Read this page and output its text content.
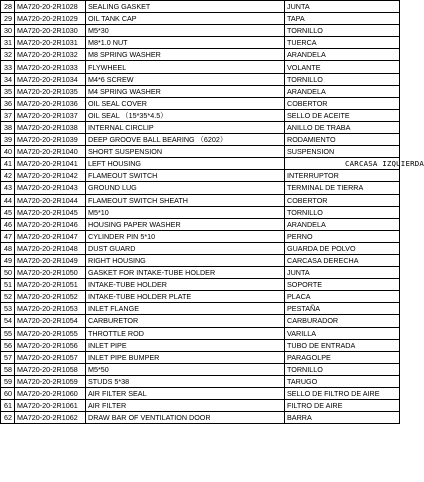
28	MA720-20-2R1028	SEALING GASKET	JUNTA
29	MA720-20-2R1029	OIL TANK CAP	TAPA
30	MA720-20-2R1030	M5*30	TORNILLO
31	MA720-20-2R1031	M8*1.0 NUT	TUERCA
32	MA720-20-2R1032	M8 SPRING WASHER	ARANDELA
33	MA720-20-2R1033	FLYWHEEL	VOLANTE
34	MA720-20-2R1034	M4*6 SCREW	TORNILLO
35	MA720-20-2R1035	M4 SPRING WASHER	ARANDELA
36	MA720-20-2R1036	OIL SEAL COVER	COBERTOR
37	MA720-20-2R1037	OIL SEAL （15*35*4.5）	SELLO DE ACEITE
38	MA720-20-2R1038	INTERNAL CIRCLIP	ANILLO DE TRABA
39	MA720-20-2R1039	DEEP GROOVE BALL BEARING （6202）	RODAMIENTO
40	MA720-20-2R1040	SHORT SUSPENSION	SUSPENSION
41	MA720-20-2R1041	LEFT HOUSING	CARCASA IZQUIERDA
42	MA720-20-2R1042	FLAMEOUT SWITCH	INTERRUPTOR
43	MA720-20-2R1043	GROUND LUG	TERMINAL DE TIERRA
44	MA720-20-2R1044	FLAMEOUT SWITCH SHEATH	COBERTOR
45	MA720-20-2R1045	M5*10	TORNILLO
46	MA720-20-2R1046	HOUSING PAPER WASHER	ARANDELA
47	MA720-20-2R1047	CYLINDER PIN 5*10	PERNO
48	MA720-20-2R1048	DUST GUARD	GUARDA DE POLVO
49	MA720-20-2R1049	RIGHT HOUSING	CARCASA DERECHA
50	MA720-20-2R1050	GASKET FOR INTAKE-TUBE HOLDER	JUNTA
51	MA720-20-2R1051	INTAKE-TUBE HOLDER	SOPORTE
52	MA720-20-2R1052	INTAKE-TUBE HOLDER PLATE	PLACA
53	MA720-20-2R1053	INLET FLANGE	PESTAÑA
54	MA720-20-2R1054	CARBURETOR	CARBURADOR
55	MA720-20-2R1055	THROTTLE ROD	VARILLA
56	MA720-20-2R1056	INLET PIPE	TUBO DE ENTRADA
57	MA720-20-2R1057	INLET PIPE BUMPER	PARAGOLPE
58	MA720-20-2R1058	M5*50	TORNILLO
59	MA720-20-2R1059	STUDS 5*38	TARUGO
60	MA720-20-2R1060	AIR FILTER SEAL	SELLO DE FILTRO DE AIRE
61	MA720-20-2R1061	AIR FILTER	FILTRO DE AIRE
62	MA720-20-2R1062	DRAW BAR OF VENTILATION DOOR	BARRA
